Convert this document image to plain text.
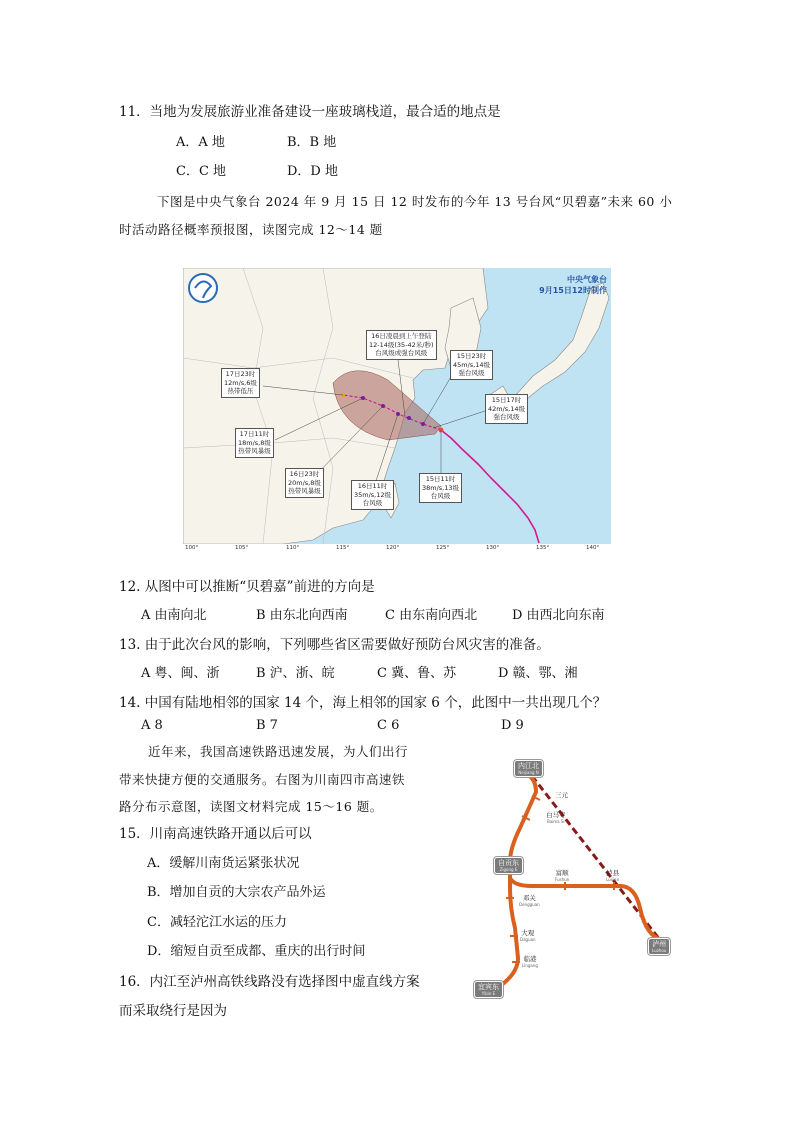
11．当地为发展旅游业准备建设一座玻璃栈道，最合适的地点是
A．A 地	B．B 地
C．C 地	D．D 地
下图是中央气象台 2024 年 9 月 15 日 12 时发布的今年 13 号台风“贝碧嘉”未来 60 小
时活动路径概率预报图，读图完成 12～14 题
中央气象台
9月15日12时制作
17日23时
12m/s,6级
热带低压
17日11时
18m/s,8级
热带风暴级
16日23时
20m/s,8级
热带风暴级
16日11时
35m/s,12级
台风级
16日凌晨到上午登陆
12-14级(35-42米/秒)
台风级或强台风级	15日23时
45m/s,14级
强台风级
15日17时
42m/s,14级
强台风级
15日11时
38m/s,13级
台风级
100°	105°	110°	115°	120°	125°	130°	135°	140°
12. 从图中可以推断“贝碧嘉”前进的方向是
A 由南向北	B 由东北向西南	C 由东南向西北	D 由西北向东南
13. 由于此次台风的影响，下列哪些省区需要做好预防台风灾害的准备。
A 粤、闽、浙	B 沪、浙、皖	C 冀、鲁、苏	D 赣、鄂、湘
14. 中国有陆地相邻的国家 14 个，海上相邻的国家 6 个，此图中一共出现几个？
A 8	B 7	C 6	D 9
近年来，我国高速铁路迅速发展，为人们出行
带来快捷方便的交通服务。右图为川南四市高速铁
路分布示意图，读图文材料完成 15～16 题。
15．川南高速铁路开通以后可以
A．缓解川南货运紧张状况
B．增加自贡的大宗农产品外运
C．减轻沱江水运的压力
D．缩短自贡至成都、重庆的出行时间
16．内江至泸州高铁线路没有选择图中虚直线方案
而采取绕行是因为
内江北
Neijiang N
三元
白马寺
Baima Si
自贡东
Zigong E	富顺
Fushun
泸县
Luxian
邓关
Dengguan
大观
Daguan
临港
Lingang
宜宾东
Yibin E
泸州
Luzhou
